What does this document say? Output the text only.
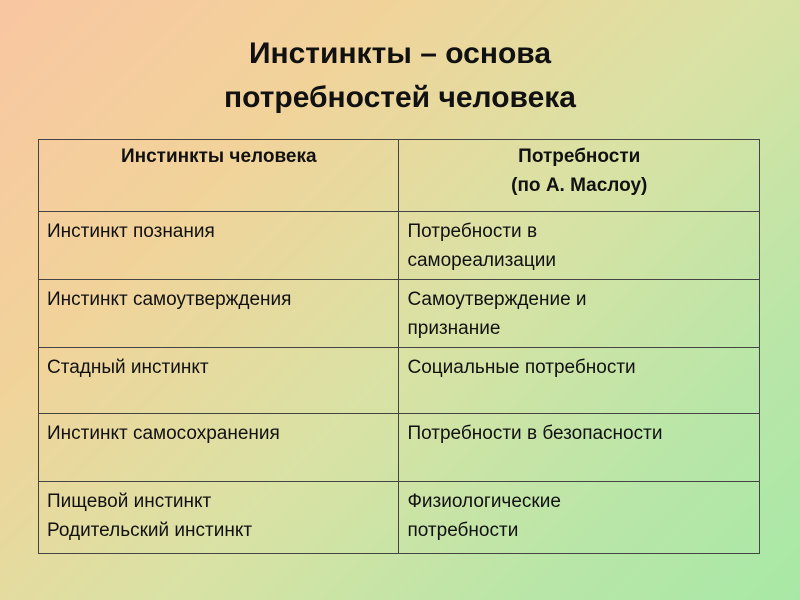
Инстинкты – основа
потребностей человека
Инстинкты человека	Потребности
(по А. Маслоу)

Инстинкт познания	Потребности в
самореализации

Инстинкт самоутверждения	Самоутверждение и
признание

Стадный инстинкт	Социальные потребности

Инстинкт самосохранения	Потребности в безопасности

Пищевой инстинкт
Родительский инстинкт	Физиологические
потребности
